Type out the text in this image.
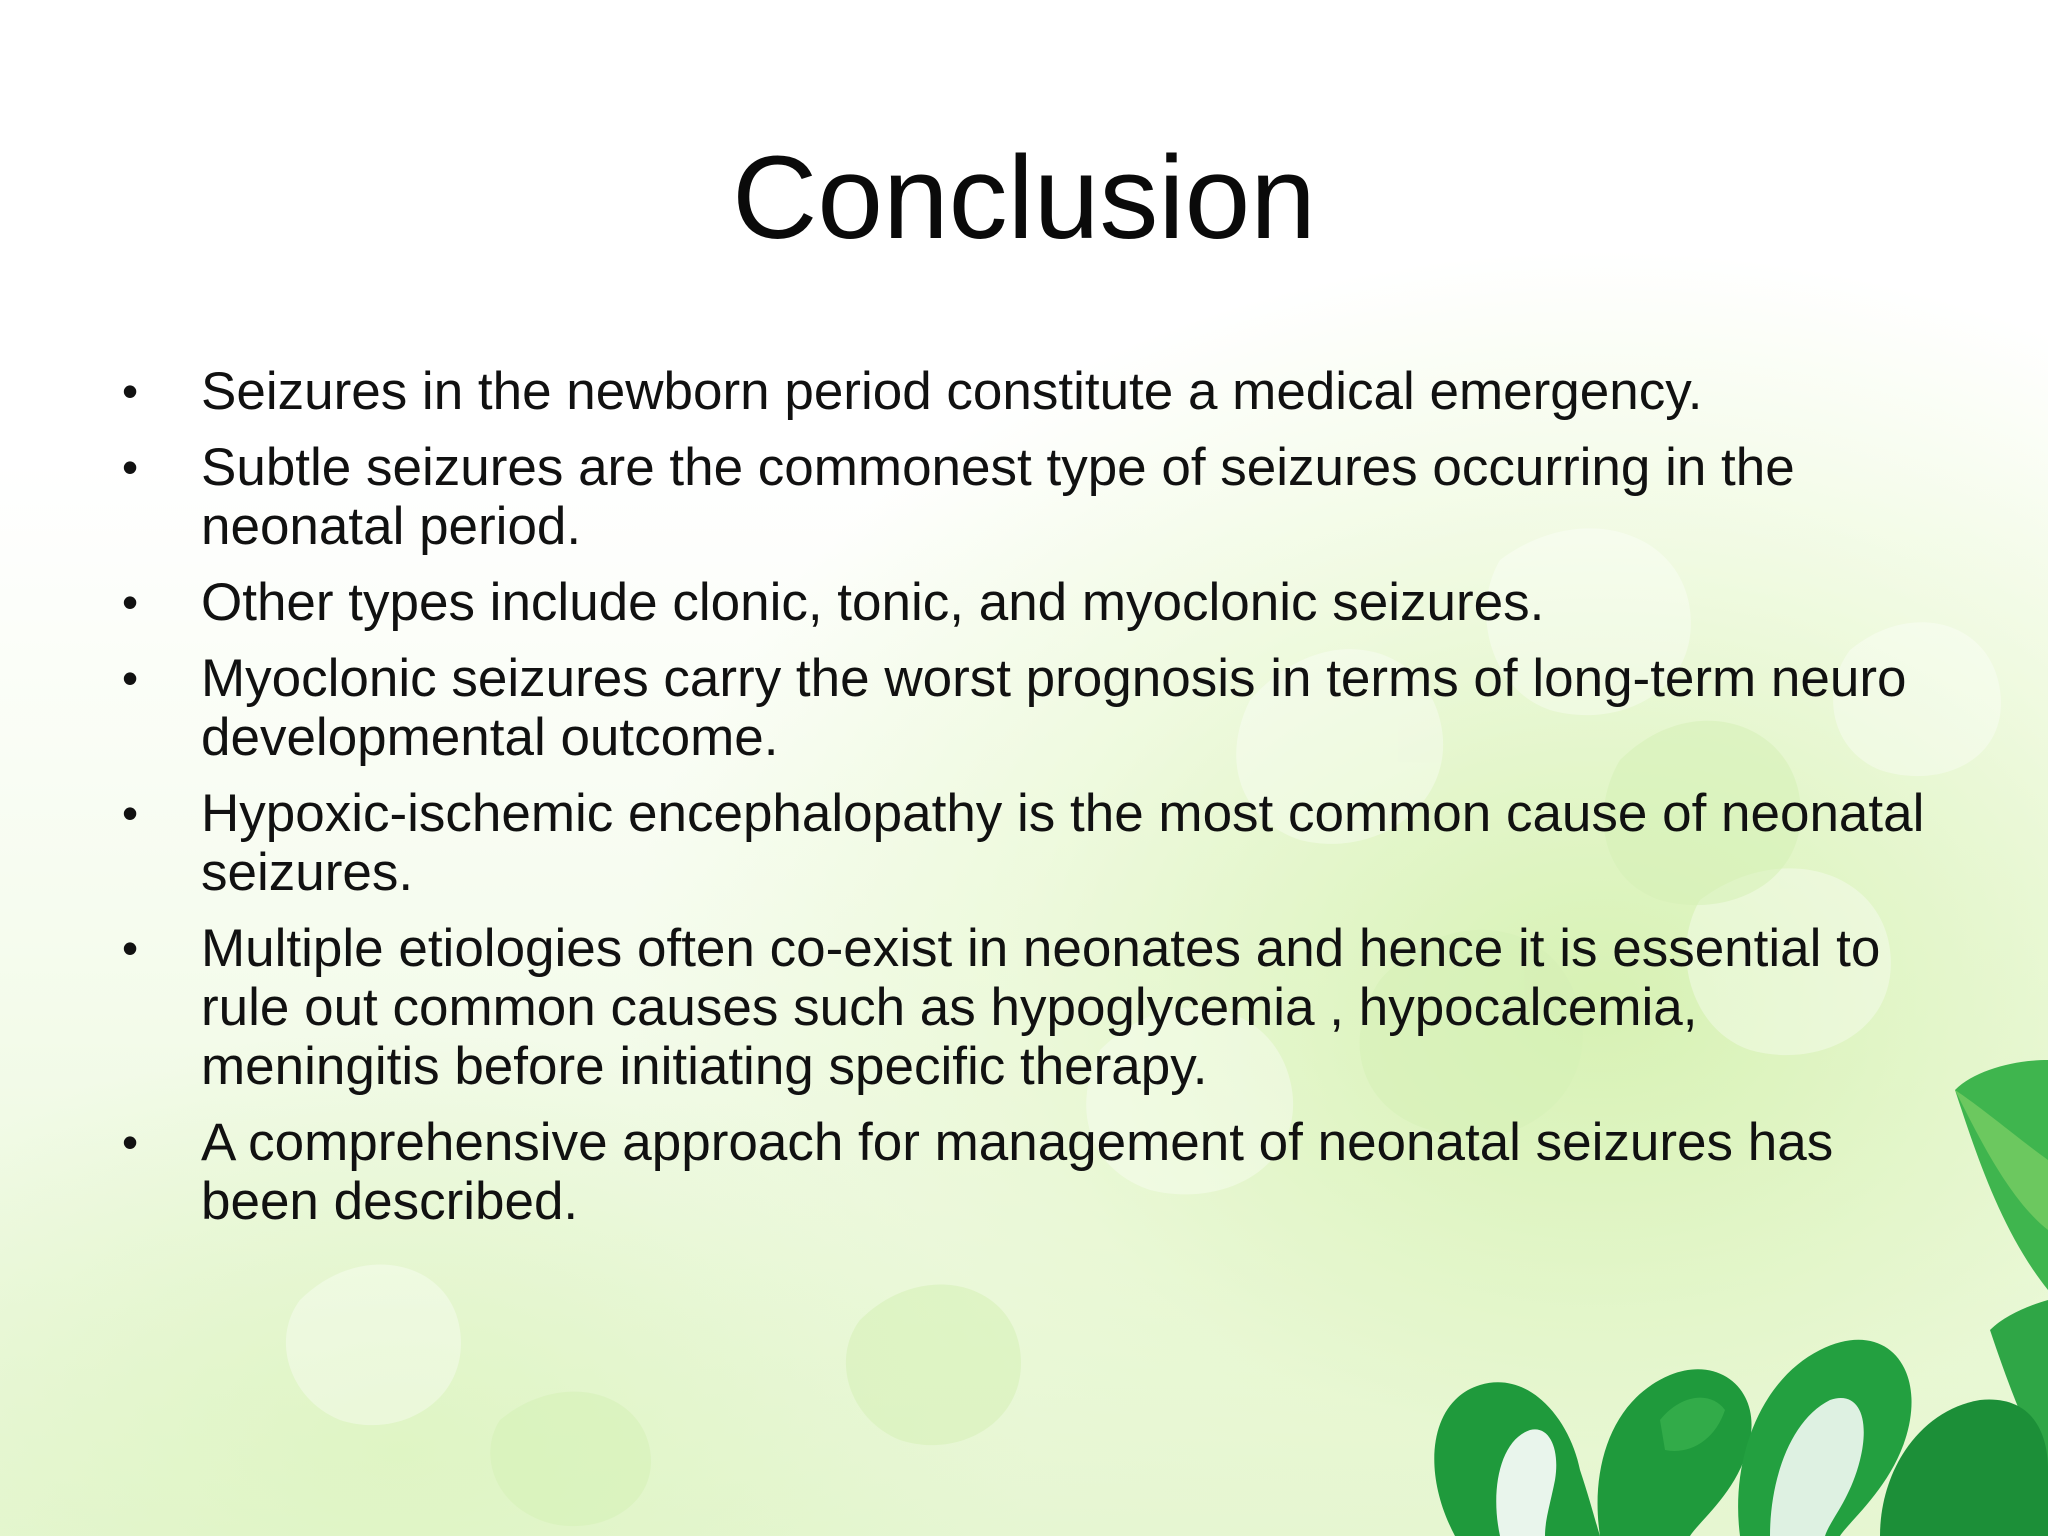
Conclusion
•	Seizures in the newborn period constitute a medical emergency.
•	Subtle seizures are the commonest type of seizures occurring in the neonatal period.
•	Other types include clonic, tonic, and myoclonic seizures.
•	Myoclonic seizures carry the worst prognosis in terms of long-term neuro developmental outcome.
•	Hypoxic-ischemic encephalopathy is the most common cause of neonatal seizures.
•	Multiple etiologies often co-exist in neonates and hence it is essential to rule out common causes such as hypoglycemia , hypocalcemia, meningitis before initiating specific therapy.
•	A comprehensive approach for management of neonatal seizures has been described.
